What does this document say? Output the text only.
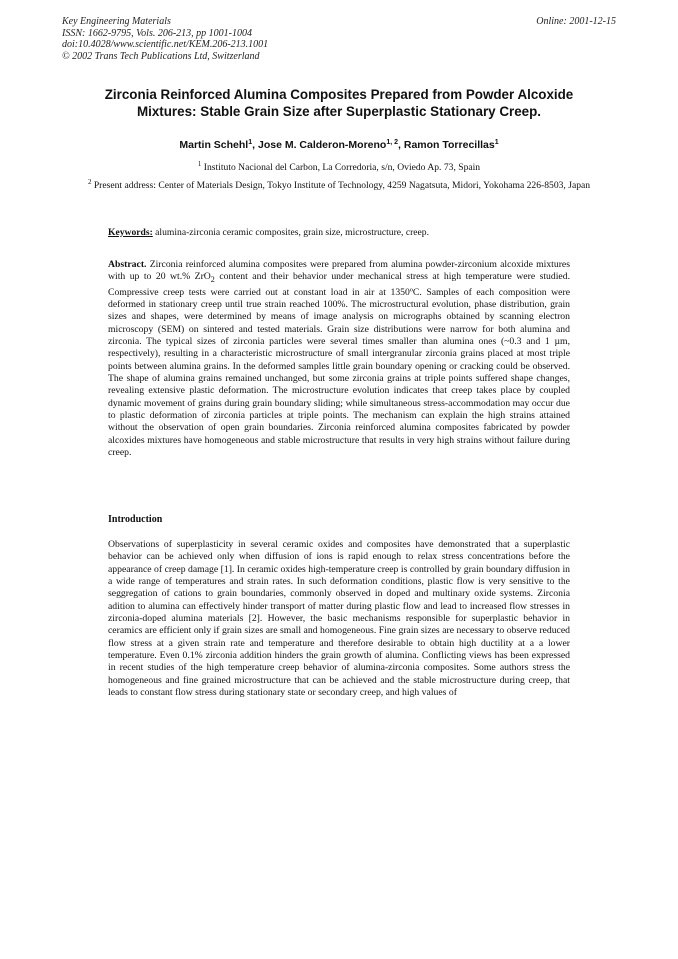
Key Engineering Materials
ISSN: 1662-9795, Vols. 206-213, pp 1001-1004
doi:10.4028/www.scientific.net/KEM.206-213.1001
© 2002 Trans Tech Publications Ltd, Switzerland
Online: 2001-12-15
Zirconia Reinforced Alumina Composites Prepared from Powder Alcoxide Mixtures: Stable Grain Size after Superplastic Stationary Creep.
Martin Schehl$^1$, Jose M. Calderon-Moreno$^{1, 2}$, Ramon Torrecillas$^1$
$^1$ Instituto Nacional del Carbon, La Corredoria, s/n, Oviedo Ap. 73, Spain
$^2$ Present address: Center of Materials Design, Tokyo Institute of Technology, 4259 Nagatsuta, Midori, Yokohama 226-8503, Japan
Keywords: alumina-zirconia ceramic composites, grain size, microstructure, creep.

Abstract. Zirconia reinforced alumina composites were prepared from alumina powder-zirconium alcoxide mixtures with up to 20 wt.% ZrO$_2$ content and their behavior under mechanical stress at high temperature were studied. Compressive creep tests were carried out at constant load in air at 1350ºC. Samples of each composition were deformed in stationary creep until true strain reached 100%. The microstructural evolution, phase distribution, grain sizes and shapes, were determined by means of image analysis on micrographs obtained by scanning electron microscopy (SEM) on sintered and tested materials. Grain size distributions were narrow for both alumina and zirconia. The typical sizes of zirconia particles were several times smaller than alumina ones (~0.3 and 1 µm, respectively), resulting in a characteristic microstructure of small intergranular zirconia grains placed at most triple points between alumina grains. In the deformed samples little grain boundary opening or cracking could be observed. The shape of alumina grains remained unchanged, but some zirconia grains at triple points suffered shape changes, revealing extensive plastic deformation. The microstructure evolution indicates that creep takes place by coupled dynamic movement of grains during grain boundary sliding; while simultaneous stress-accommodation may occur due to plastic deformation of zirconia particles at triple points. The mechanism can explain the high strains attained without the observation of open grain boundaries. Zirconia reinforced alumina composites fabricated by powder alcoxides mixtures have homogeneous and stable microstructure that results in very high strains without failure during creep.

Introduction

Observations of superplasticity in several ceramic oxides and composites have demonstrated that a superplastic behavior can be achieved only when diffusion of ions is rapid enough to relax stress concentrations before the appearance of creep damage [1]. In ceramic oxides high-temperature creep is controlled by grain boundary diffusion in a wide range of temperatures and strain rates. In such deformation conditions, plastic flow is very sensitive to the seggregation of cations to grain boundaries, commonly observed in doped and multinary oxide systems. Zirconia adition to alumina can effectively hinder transport of matter during plastic flow and lead to increased flow stresses in zirconia-doped alumina materials [2]. However, the basic mechanisms responsible for superplastic behavior in ceramics are efficient only if grain sizes are small and homogeneous. Fine grain sizes are necessary to observe reduced flow stress at a given strain rate and temperature and therefore desirable to obtain high ductility at a a lower temperature. Even 0.1% zirconia addition hinders the grain growth of alumina. Conflicting views has been expressed in recent studies of the high temperature creep behavior of alumina-zirconia composites. Some authors stress the homogeneous and fine grained microstructure that can be achieved and the stable microstructure during creep, that leads to constant flow stress during stationary state or secondary creep, and high values of
